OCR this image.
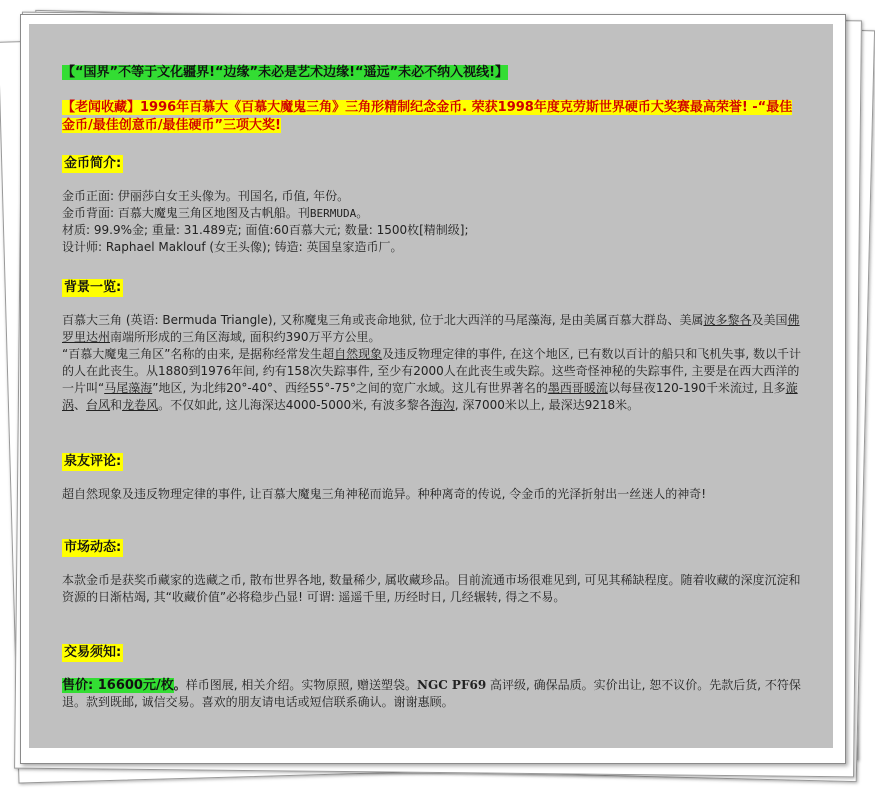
【“国界”不等于文化疆界!“边缘”未必是艺术边缘!“遥远”未必不纳入视线!】

【老闻收藏】1996年百慕大《百慕大魔鬼三角》三角形精制纪念金币. 荣获1998年度克劳斯世界硬币大奖赛最高荣誉! -“最佳金币/最佳创意币/最佳硬币”三项大奖!

金币简介:

金币正面: 伊丽莎白女王头像为。刊国名, 币值, 年份。

金币背面: 百慕大魔鬼三角区地图及古帆船。刊BERMUDA。

材质: 99.9%金; 重量: 31.489克; 面值:60百慕大元; 数量: 1500枚[精制级];

设计师: Raphael Maklouf (女王头像); 铸造: 英国皇家造币厂。

背景一览:

百慕大三角 (英语: Bermuda Triangle), 又称魔鬼三角或丧命地狱, 位于北大西洋的马尾藻海, 是由美属百慕大群岛、美属波多黎各及美国佛罗里达州南端所形成的三角区海域, 面积约390万平方公里。

“百慕大魔鬼三角区”名称的由来, 是据称经常发生超自然现象及违反物理定律的事件, 在这个地区, 已有数以百计的船只和飞机失事, 数以千计的人在此丧生。从1880到1976年间, 约有158次失踪事件, 至少有2000人在此丧生或失踪。这些奇怪神秘的失踪事件, 主要是在西大西洋的一片叫“马尾藻海”地区, 为北纬20°-40°、西经55°-75°之间的宽广水域。这儿有世界著名的墨西哥暖流以每昼夜120-190千米流过, 且多漩涡、台风和龙卷风。不仅如此, 这儿海深达4000-5000米, 有波多黎各海沟, 深7000米以上, 最深达9218米。

泉友评论:

超自然现象及违反物理定律的事件, 让百慕大魔鬼三角神秘而诡异。种种离奇的传说, 令金币的光泽折射出一丝迷人的神奇!

市场动态:

本款金币是获奖币藏家的选藏之币, 散布世界各地, 数量稀少, 属收藏珍品。目前流通市场很难见到, 可见其稀缺程度。随着收藏的深度沉淀和资源的日渐枯竭, 其“收藏价值”必将稳步凸显! 可谓: 遥遥千里, 历经时日, 几经辗转, 得之不易。

交易须知:

售价: 16600元/枚。样币图展, 相关介绍。实物原照, 赠送塑袋。NGC PF69 高评级, 确保品质。实价出让, 恕不议价。先款后货, 不符保退。款到既邮, 诚信交易。喜欢的朋友请电话或短信联系确认。谢谢惠顾。
